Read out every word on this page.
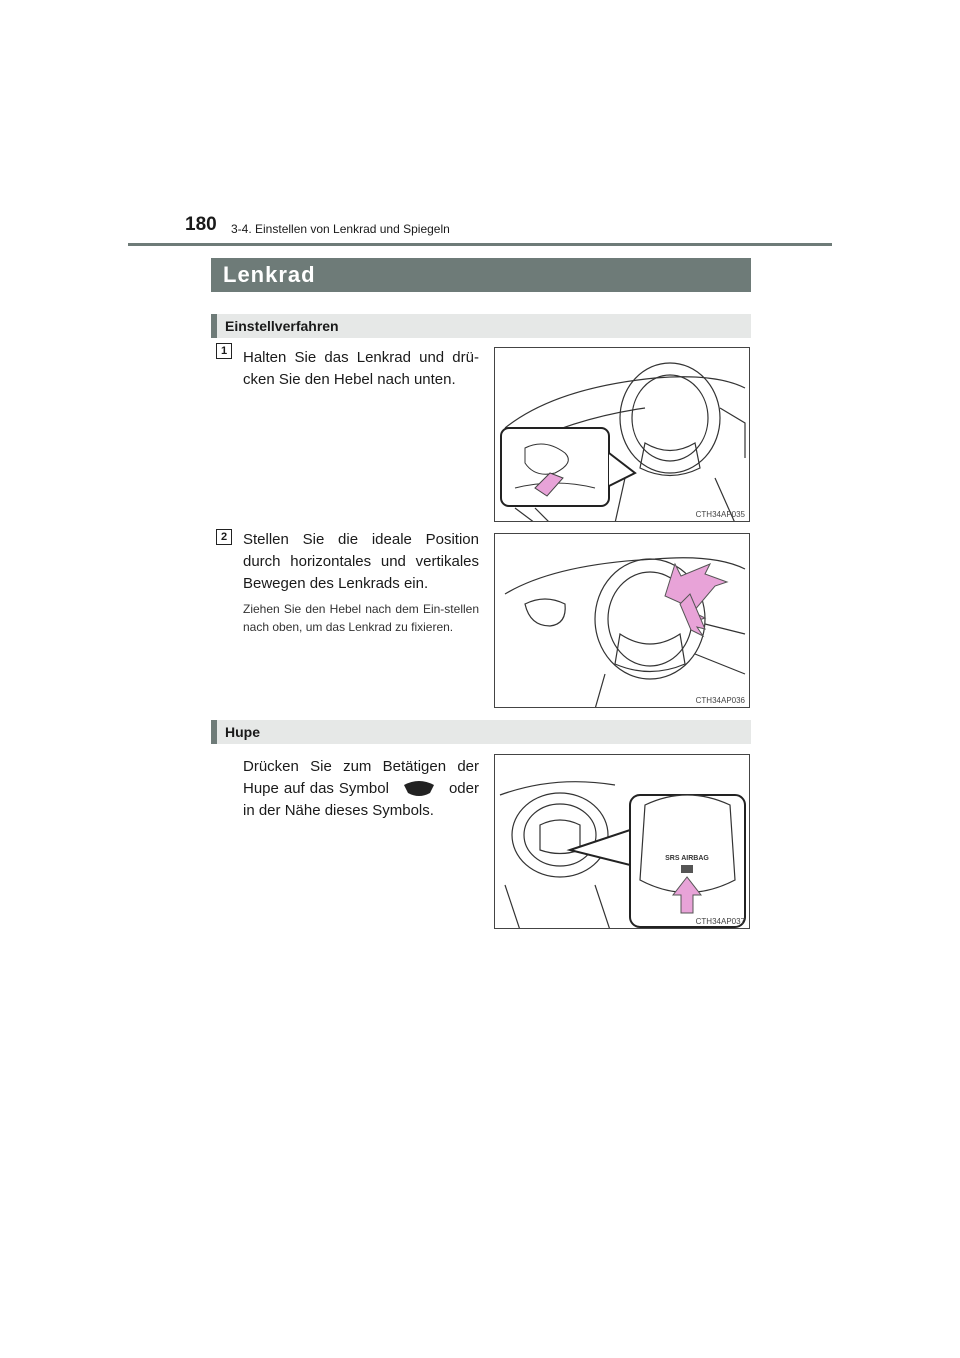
180 3-4. Einstellen von Lenkrad und Spiegeln
Lenkrad
Einstellverfahren
1	Halten Sie das Lenkrad und drü-cken Sie den Hebel nach unten.
CTH34AP035
2	Stellen Sie die ideale Position durch horizontales und vertikales Bewegen des Lenkrads ein.
Ziehen Sie den Hebel nach dem Ein-stellen nach oben, um das Lenkrad zu fixieren.
CTH34AP036
Hupe
Drücken Sie zum Betätigen der Hupe auf das Symbol	oder in der Nähe dieses Symbols.
SRS AIRBAG
CTH34AP037
